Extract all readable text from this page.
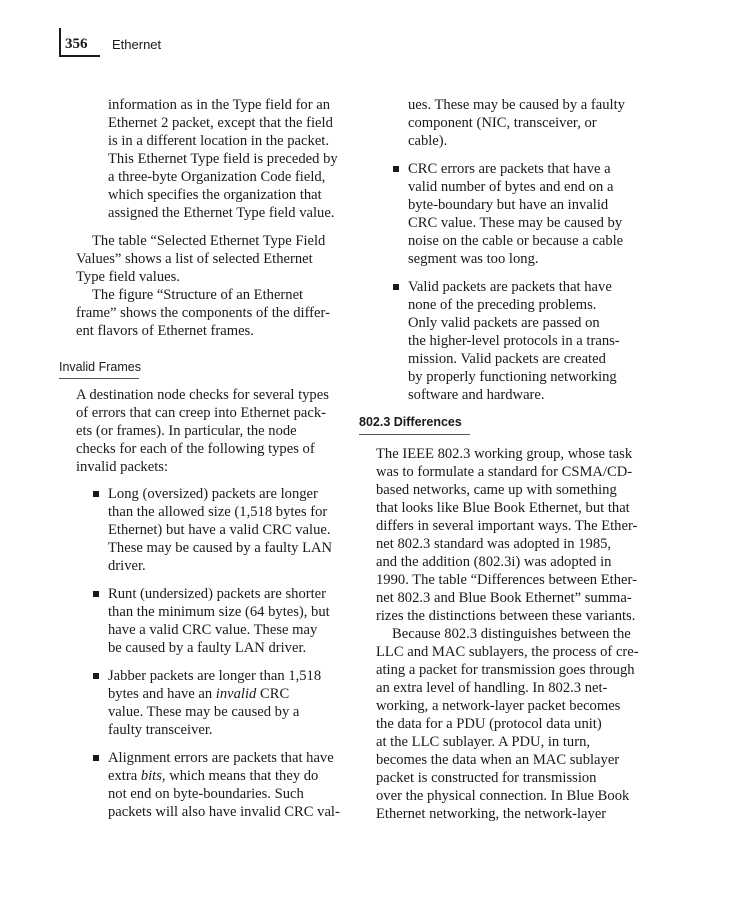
356 Ethernet
information as in the Type field for an
Ethernet 2 packet, except that the field
is in a different location in the packet.
This Ethernet Type field is preceded by
a three-byte Organization Code field,
which specifies the organization that
assigned the Ethernet Type field value.
The table “Selected Ethernet Type Field
Values” shows a list of selected Ethernet
Type field values.
The figure “Structure of an Ethernet
frame” shows the components of the differ-
ent flavors of Ethernet frames.
Invalid Frames
A destination node checks for several types
of errors that can creep into Ethernet pack-
ets (or frames). In particular, the node
checks for each of the following types of
invalid packets:
Long (oversized) packets are longer
than the allowed size (1,518 bytes for
Ethernet) but have a valid CRC value.
These may be caused by a faulty LAN
driver.
Runt (undersized) packets are shorter
than the minimum size (64 bytes), but
have a valid CRC value. These may
be caused by a faulty LAN driver.
Jabber packets are longer than 1,518
bytes and have an invalid CRC
value. These may be caused by a
faulty transceiver.
Alignment errors are packets that have
extra bits, which means that they do
not end on byte-boundaries. Such
packets will also have invalid CRC val-
ues. These may be caused by a faulty
component (NIC, transceiver, or
cable).
CRC errors are packets that have a
valid number of bytes and end on a
byte-boundary but have an invalid
CRC value. These may be caused by
noise on the cable or because a cable
segment was too long.
Valid packets are packets that have
none of the preceding problems.
Only valid packets are passed on
the higher-level protocols in a trans-
mission. Valid packets are created
by properly functioning networking
software and hardware.
802.3 Differences
The IEEE 802.3 working group, whose task
was to formulate a standard for CSMA/CD-
based networks, came up with something
that looks like Blue Book Ethernet, but that
differs in several important ways. The Ether-
net 802.3 standard was adopted in 1985,
and the addition (802.3i) was adopted in
1990. The table “Differences between Ether-
net 802.3 and Blue Book Ethernet” summa-
rizes the distinctions between these variants.
Because 802.3 distinguishes between the
LLC and MAC sublayers, the process of cre-
ating a packet for transmission goes through
an extra level of handling. In 802.3 net-
working, a network-layer packet becomes
the data for a PDU (protocol data unit)
at the LLC sublayer. A PDU, in turn,
becomes the data when an MAC sublayer
packet is constructed for transmission
over the physical connection. In Blue Book
Ethernet networking, the network-layer
